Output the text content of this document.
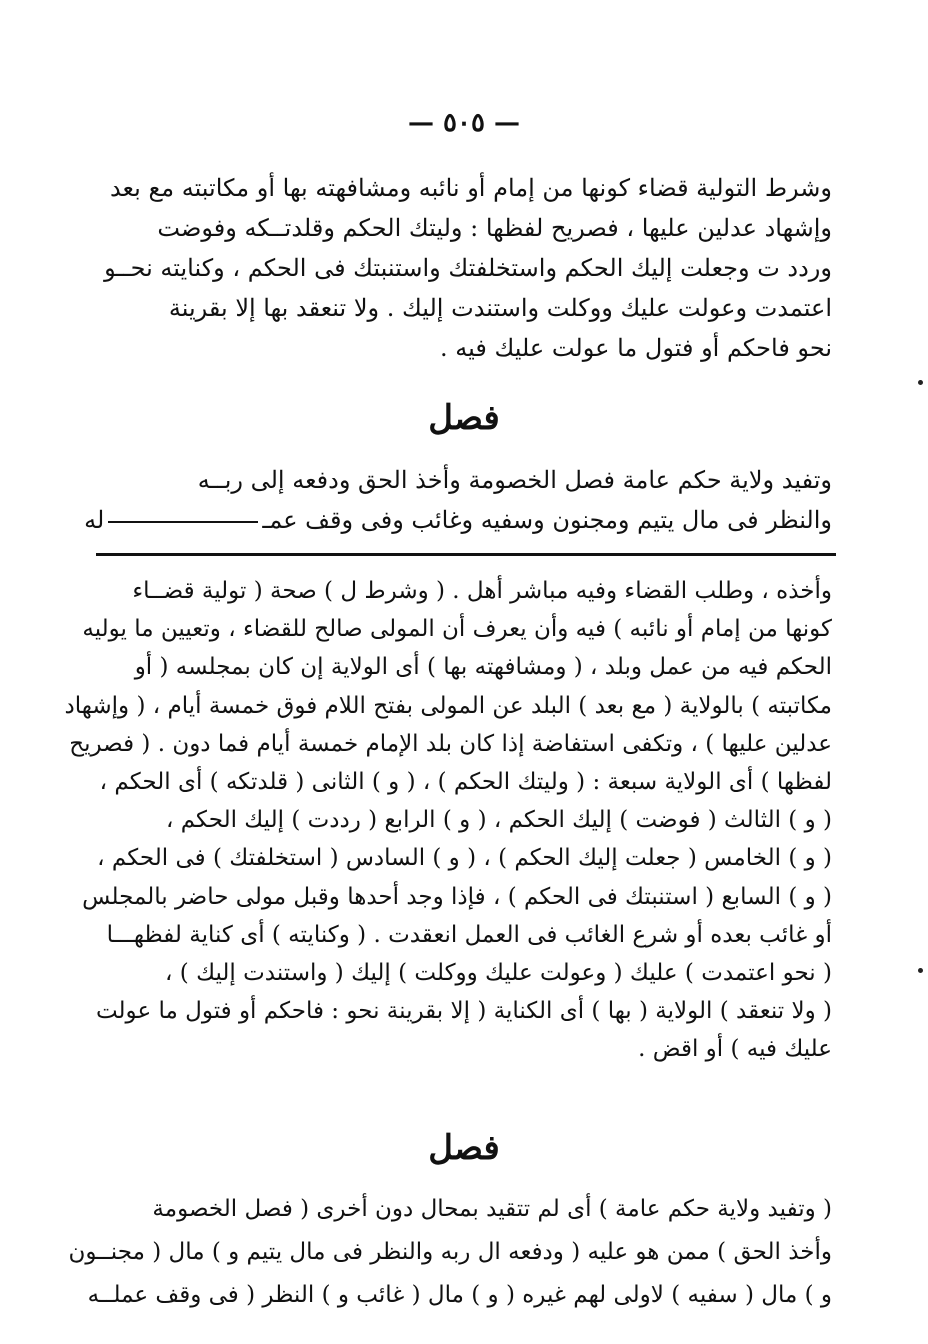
— ٥٠٥ —
وشرط التولية قضاء كونها من إمام أو نائبه ومشافهته بها أو مكاتبته مع بعد
وإشهاد عدلين عليها ، فصريح لفظها : وليتك الحكم وقلدتــكه وفوضت
وردد ت وجعلت إليك الحكم واستخلفتك واستنبتك فى الحكم ، وكنايته نحــو
اعتمدت وعولت عليك ووكلت واستندت إليك . ولا تنعقد بها إلا بقرينة
نحو فاحكم أو فتول ما عولت عليك فيه .
فصل
وتفيد ولاية حكم عامة فصل الخصومة وأخذ الحق ودفعه إلى ربــه
والنظر فى مال يتيم ومجنون وسفيه وغائب وفى وقف عمـله
وأخذه ، وطلب القضاء وفيه مباشر أهل . ( وشرط ل ) صحة ( تولية قضــاء
كونها من إمام أو نائبه ) فيه وأن يعرف أن المولى صالح للقضاء ، وتعيين ما يوليه
الحكم فيه من عمل وبلد ، ( ومشافهته بها ) أى الولاية إن كان بمجلسه ( أو
مكاتبته ) بالولاية ( مع بعد ) البلد عن المولى بفتح اللام فوق خمسة أيام ، ( وإشهاد
عدلين عليها ) ، وتكفى استفاضة إذا كان بلد الإمام خمسة أيام فما دون . ( فصريح
لفظها ) أى الولاية سبعة : ( وليتك الحكم ) ، ( و ) الثانى ( قلدتكه ) أى الحكم ،
( و ) الثالث ( فوضت ) إليك الحكم ، ( و ) الرابع ( رددت ) إليك الحكم ،
( و ) الخامس ( جعلت إليك الحكم ) ، ( و ) السادس ( استخلفتك ) فى الحكم ،
( و ) السابع ( استنبتك فى الحكم ) ، فإذا وجد أحدها وقبل مولى حاضر بالمجلس
أو غائب بعده أو شرع الغائب فى العمل انعقدت . ( وكنايته ) أى كناية لفظهـــا
( نحو اعتمدت ) عليك ( وعولت عليك ووكلت ) إليك ( واستندت إليك ) ،
( ولا تنعقد ) الولاية ( بها ) أى الكناية ( إلا بقرينة نحو : فاحكم أو فتول ما عولت
عليك فيه ) أو اقض .
فصل
( وتفيد ولاية حكم عامة ) أى لم تتقيد بمحال دون أخرى ( فصل الخصومة
وأخذ الحق ) ممن هو عليه ( ودفعه ال ربه والنظر فى مال يتيم و ) مال ( مجنــون
و ) مال ( سفيه ) لاولى لهم غيره ( و ) مال ( غائب و ) النظر ( فى وقف عملــه
